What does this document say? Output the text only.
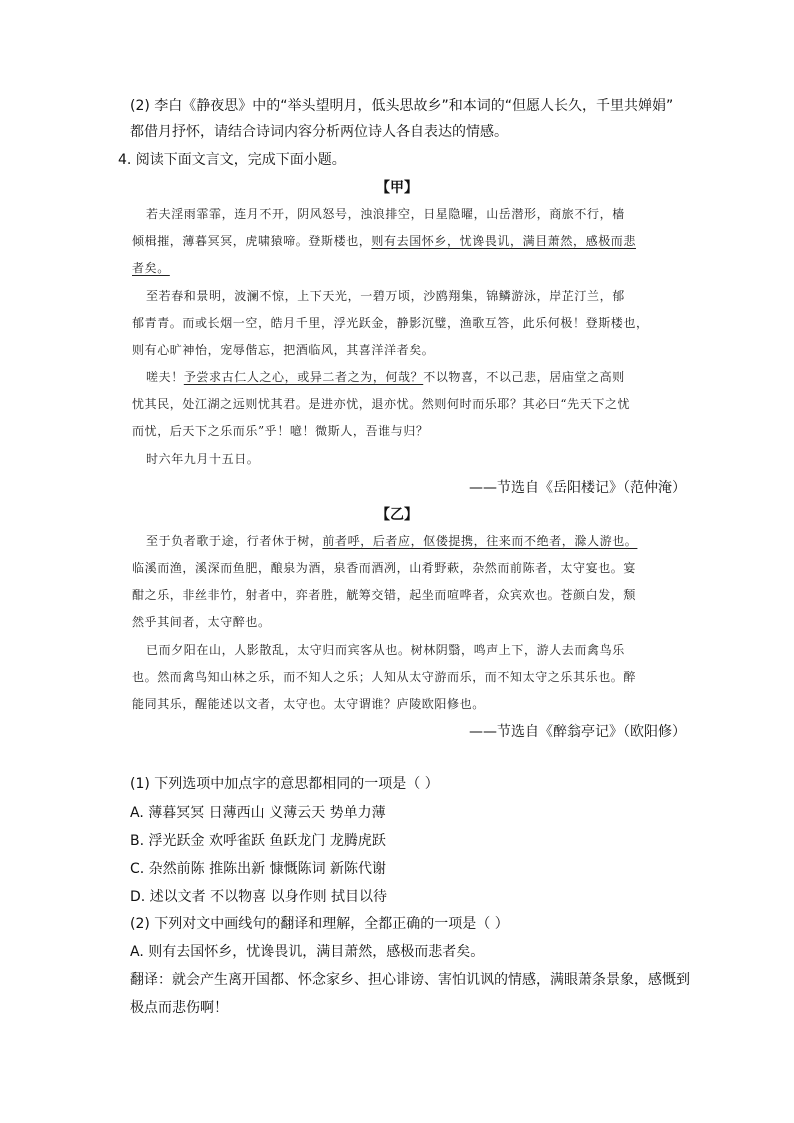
(2) 李白《静夜思》中的“举头望明月，低头思故乡”和本词的“但愿人长久，千里共婵娟”
都借月抒怀，请结合诗词内容分析两位诗人各自表达的情感。
4. 阅读下面文言文，完成下面小题。
【甲】
若夫淫雨霏霏，连月不开，阴风怒号，浊浪排空，日星隐曜，山岳潜形，商旅不行，樯
倾楫摧，薄暮冥冥，虎啸猿啼。登斯楼也，则有去国怀乡，忧谗畏讥，满目萧然，感极而悲
者矣。
至若春和景明，波澜不惊，上下天光，一碧万顷，沙鸥翔集，锦鳞游泳，岸芷汀兰，郁
郁青青。而或长烟一空，皓月千里，浮光跃金，静影沉璧，渔歌互答，此乐何极！登斯楼也，
则有心旷神怡，宠辱偕忘，把酒临风，其喜洋洋者矣。
嗟夫！予尝求古仁人之心，或异二者之为，何哉？不以物喜，不以己悲，居庙堂之高则
忧其民，处江湖之远则忧其君。是进亦忧，退亦忧。然则何时而乐耶？其必曰“先天下之忧
而忧，后天下之乐而乐”乎！噫！微斯人，吾谁与归？
时六年九月十五日。
——节选自《岳阳楼记》（范仲淹）
【乙】
至于负者歌于途，行者休于树，前者呼，后者应，伛偻提携，往来而不绝者，滁人游也。
临溪而渔，溪深而鱼肥，酿泉为酒，泉香而酒冽，山肴野蔌，杂然而前陈者，太守宴也。宴
酣之乐，非丝非竹，射者中，弈者胜，觥筹交错，起坐而喧哗者，众宾欢也。苍颜白发，颓
然乎其间者，太守醉也。
已而夕阳在山，人影散乱，太守归而宾客从也。树林阴翳，鸣声上下，游人去而禽鸟乐
也。然而禽鸟知山林之乐，而不知人之乐；人知从太守游而乐，而不知太守之乐其乐也。醉
能同其乐，醒能述以文者，太守也。太守谓谁？庐陵欧阳修也。
——节选自《醉翁亭记》（欧阳修）
(1) 下列选项中加点字的意思都相同的一项是（ ）
A. 薄暮冥冥 日薄西山 义薄云天 势单力薄
B. 浮光跃金 欢呼雀跃 鱼跃龙门 龙腾虎跃
C. 杂然前陈 推陈出新 慷慨陈词 新陈代谢
D. 述以文者 不以物喜 以身作则 拭目以待
(2) 下列对文中画线句的翻译和理解，全都正确的一项是（ ）
A. 则有去国怀乡，忧谗畏讥，满目萧然，感极而悲者矣。
翻译：就会产生离开国都、怀念家乡、担心诽谤、害怕讥讽的情感，满眼萧条景象，感慨到
极点而悲伤啊！
